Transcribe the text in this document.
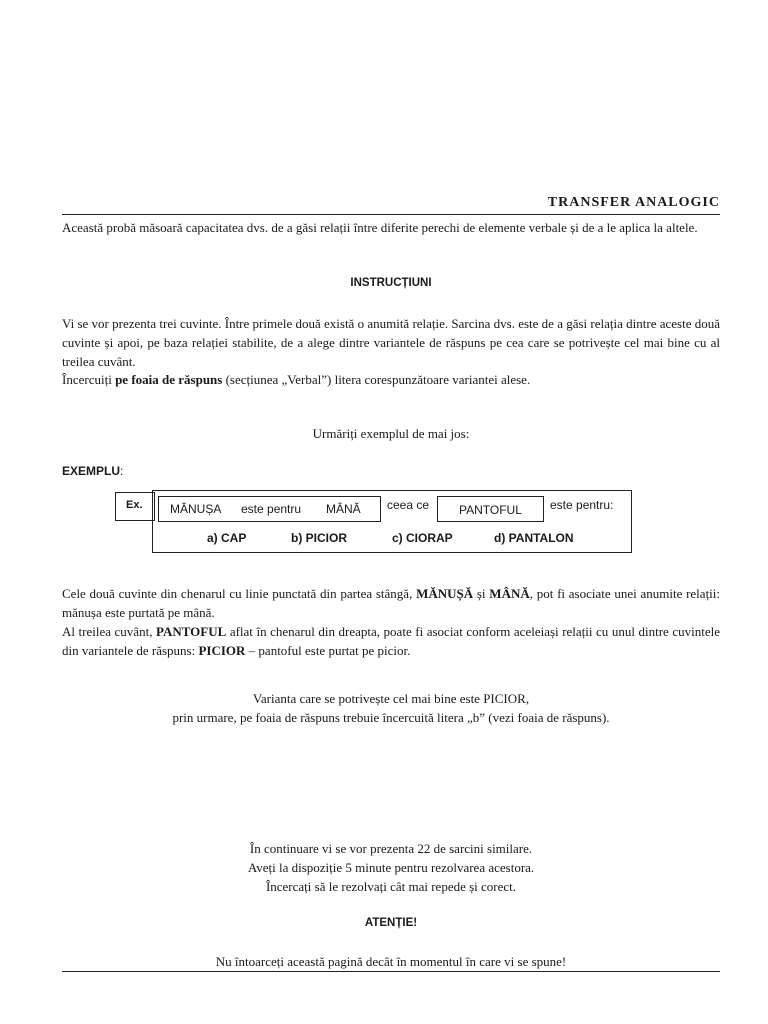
TRANSFER ANALOGIC
Această probă măsoară capacitatea dvs. de a găsi relații între diferite perechi de elemente verbale și de a le aplica la altele.
INSTRUCȚIUNI
Vi se vor prezenta trei cuvinte. Între primele două există o anumită relație. Sarcina dvs. este de a găsi relația dintre aceste două cuvinte și apoi, pe baza relației stabilite, de a alege dintre variantele de răspuns pe cea care se potrivește cel mai bine cu al treilea cuvânt.
Încercuiți pe foaia de răspuns (secțiunea „Verbal”) litera corespunzătoare variantei alese.
Urmăriți exemplul de mai jos:
EXEMPLU:
Ex. MĂNUȘA este pentru MÂNĂ ceea ce PANTOFUL este pentru:
a) CAP	b) PICIOR	c) CIORAP	d) PANTALON
Cele două cuvinte din chenarul cu linie punctată din partea stângă, MĂNUȘĂ și MÂNĂ, pot fi asociate unei anumite relații: mănușa este purtată pe mână.
Al treilea cuvânt, PANTOFUL aflat în chenarul din dreapta, poate fi asociat conform aceleiași relații cu unul dintre cuvintele din variantele de răspuns: PICIOR – pantoful este purtat pe picior.
Varianta care se potrivește cel mai bine este PICIOR,
prin urmare, pe foaia de răspuns trebuie încercuită litera „b” (vezi foaia de răspuns).
În continuare vi se vor prezenta 22 de sarcini similare.
Aveți la dispoziție 5 minute pentru rezolvarea acestora.
Încercați să le rezolvați cât mai repede și corect.
ATENȚIE!
Nu întoarceți această pagină decât în momentul în care vi se spune!
